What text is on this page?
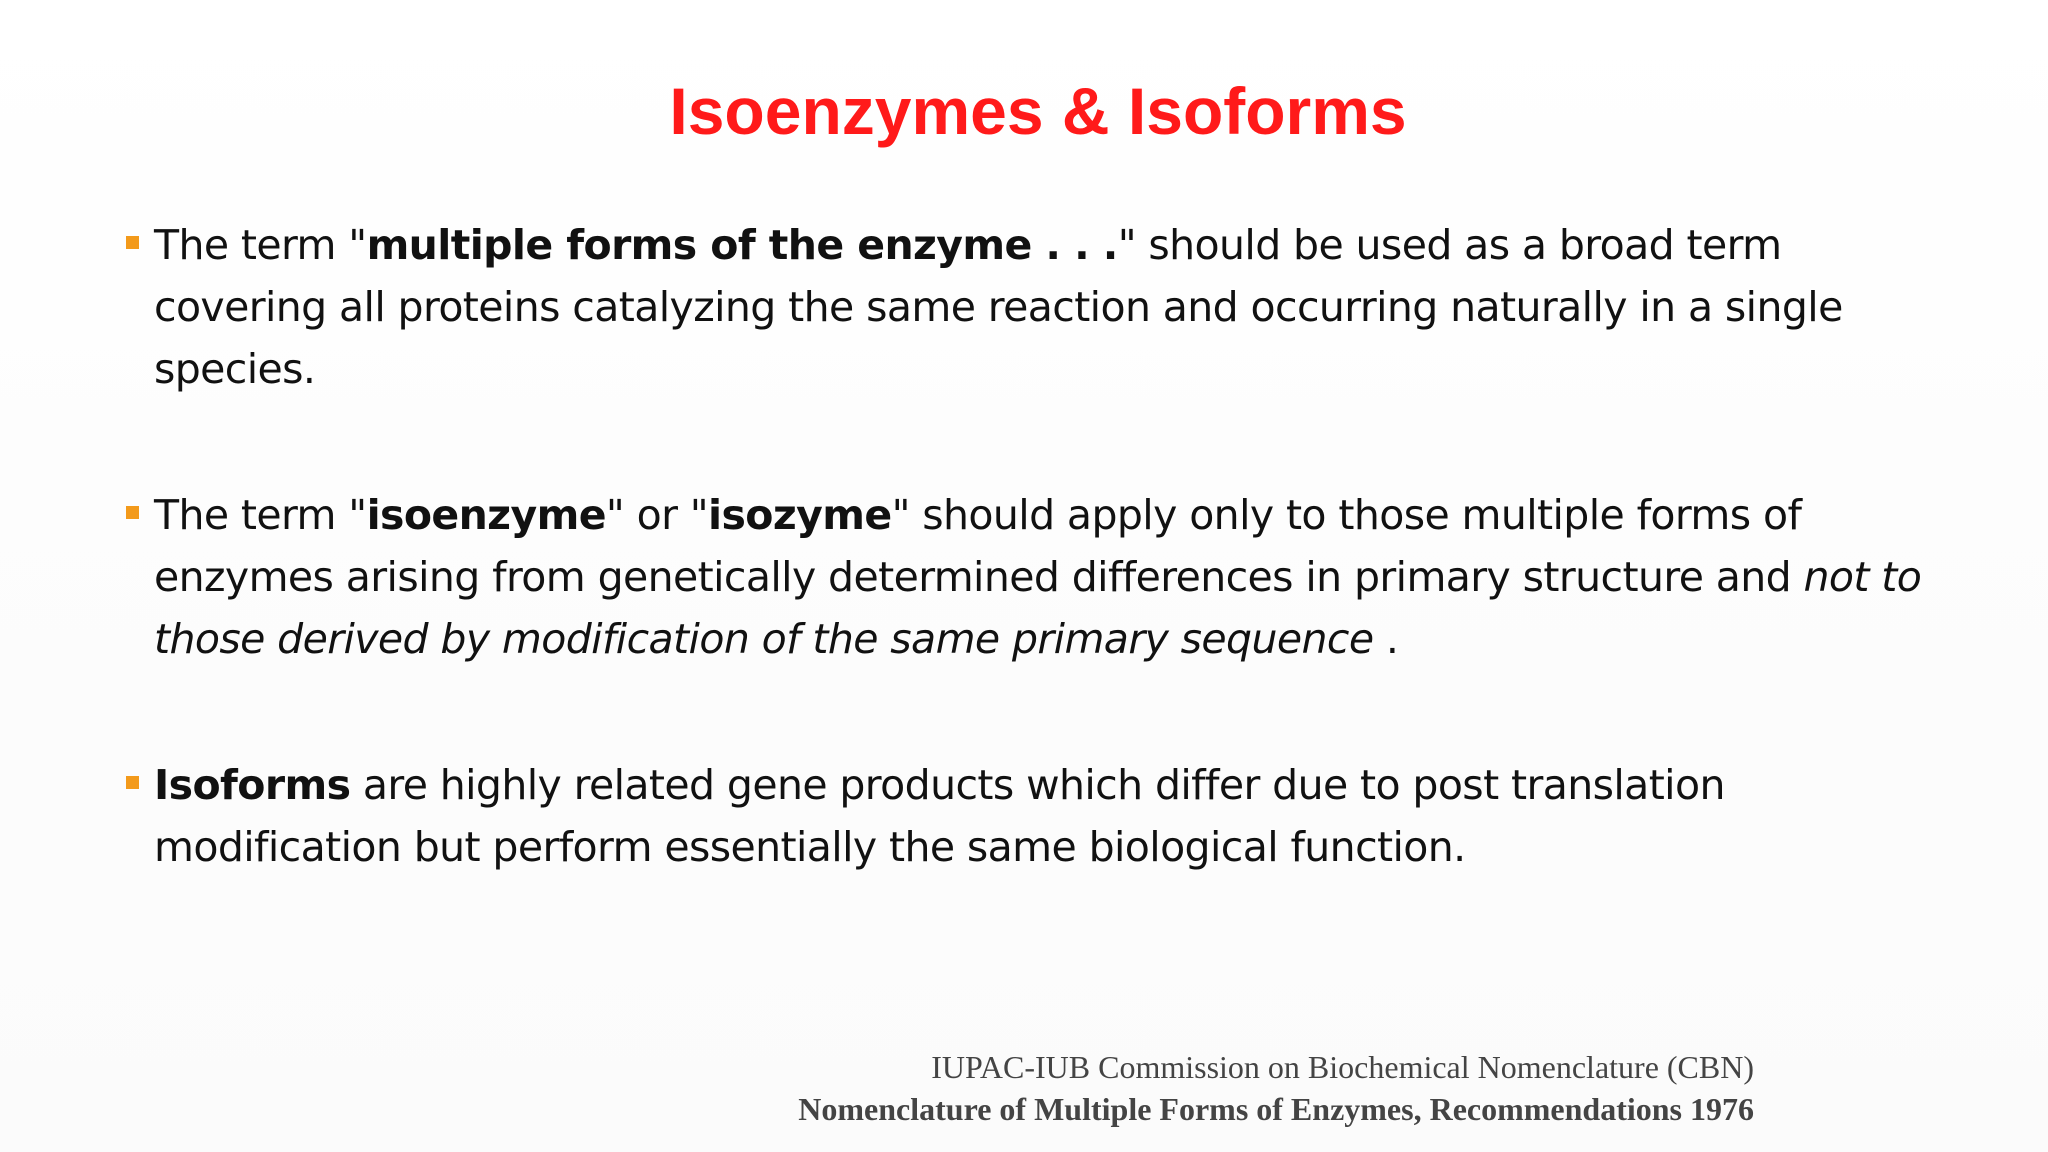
Isoenzymes & Isoforms
The term "multiple forms of the enzyme . . ." should be used as a broad term covering all proteins catalyzing the same reaction and occurring naturally in a single species.
The term "isoenzyme" or "isozyme" should apply only to those multiple forms of enzymes arising from genetically determined differences in primary structure and not to those derived by modification of the same primary sequence .
Isoforms are highly related gene products which differ due to post translation modification but perform essentially the same biological function.
IUPAC-IUB Commission on Biochemical Nomenclature (CBN)
Nomenclature of Multiple Forms of Enzymes, Recommendations 1976
